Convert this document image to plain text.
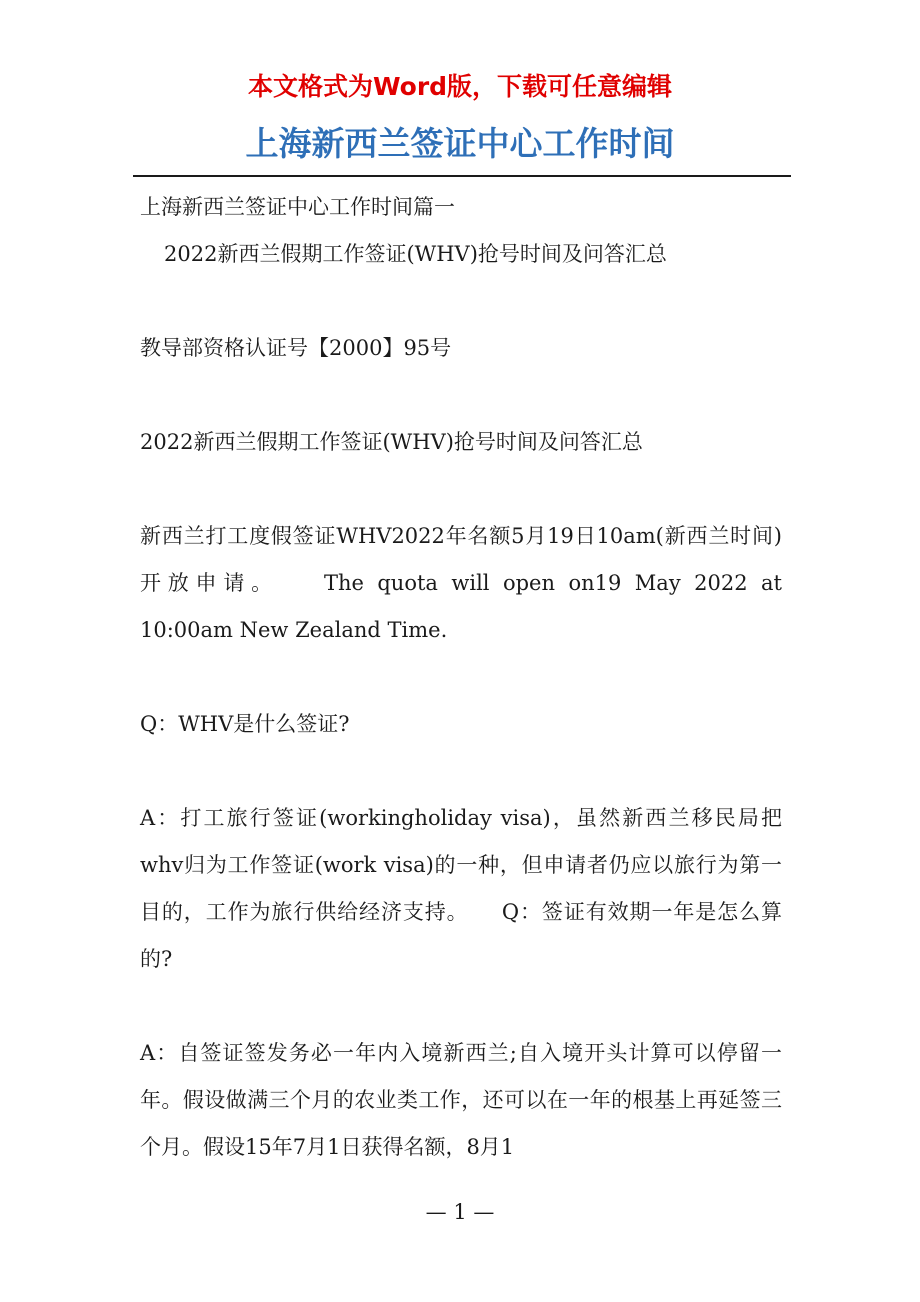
本文格式为Word版，下载可任意编辑
上海新西兰签证中心工作时间

上海新西兰签证中心工作时间篇一

2022新西兰假期工作签证(WHV)抢号时间及问答汇总

教导部资格认证号【2000】95号

2022新西兰假期工作签证(WHV)抢号时间及问答汇总

新西兰打工度假签证WHV2022年名额5月19日10am(新西兰时间)开放申请。　　The quota will open on19 May 2022 at 10:00am New Zealand Time.

Q：WHV是什么签证?

A：打工旅行签证(workingholiday visa)，虽然新西兰移民局把whv归为工作签证(work visa)的一种，但申请者仍应以旅行为第一目的，工作为旅行供给经济支持。　　Q：签证有效期一年是怎么算的?

A：自签证签发务必一年内入境新西兰;自入境开头计算可以停留一年。假设做满三个月的农业类工作，还可以在一年的根基上再延签三个月。假设15年7月1日获得名额，8月1

— 1 —
